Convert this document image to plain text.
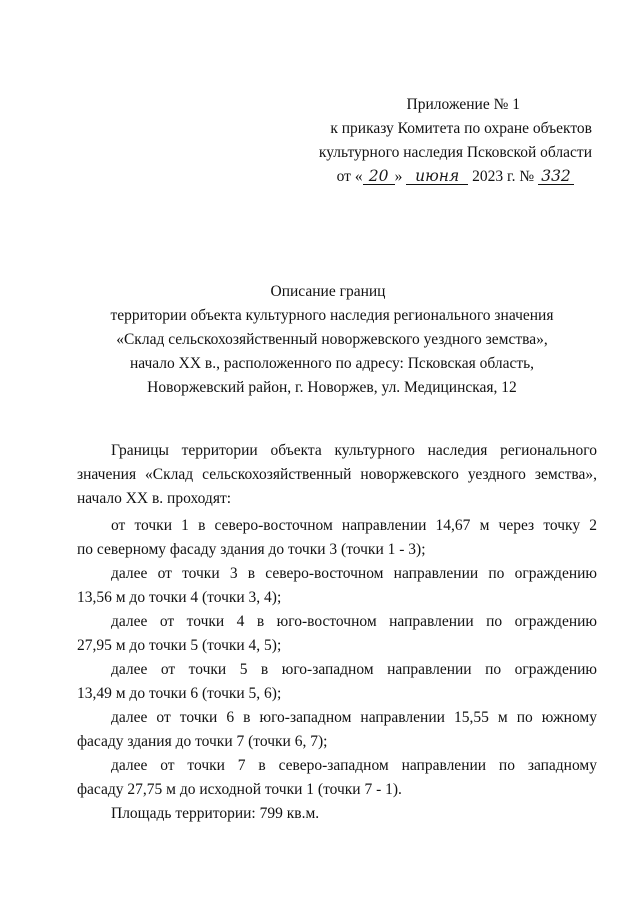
Приложение № 1
к приказу Комитета по охране объектов
культурного наследия Псковской области
от « 20 » июня 2023 г. № 332
Описание границ
территории объекта культурного наследия регионального значения
«Склад сельскохозяйственный новоржевского уездного земства»,
начало XX в., расположенного по адресу: Псковская область,
Новоржевский район, г. Новоржев, ул. Медицинская, 12
Границы территории объекта культурного наследия регионального
значения «Склад сельскохозяйственный новоржевского уездного земства»,
начало XX в. проходят:
от точки 1 в северо-восточном направлении 14,67 м через точку 2
по северному фасаду здания до точки 3 (точки 1 - 3);
далее от точки 3 в северо-восточном направлении по ограждению
13,56 м до точки 4 (точки 3, 4);
далее от точки 4 в юго-восточном направлении по ограждению
27,95 м до точки 5 (точки 4, 5);
далее от точки 5 в юго-западном направлении по ограждению
13,49 м до точки 6 (точки 5, 6);
далее от точки 6 в юго-западном направлении 15,55 м по южному
фасаду здания до точки 7 (точки 6, 7);
далее от точки 7 в северо-западном направлении по западному
фасаду 27,75 м до исходной точки 1 (точки 7 - 1).
Площадь территории: 799 кв.м.
